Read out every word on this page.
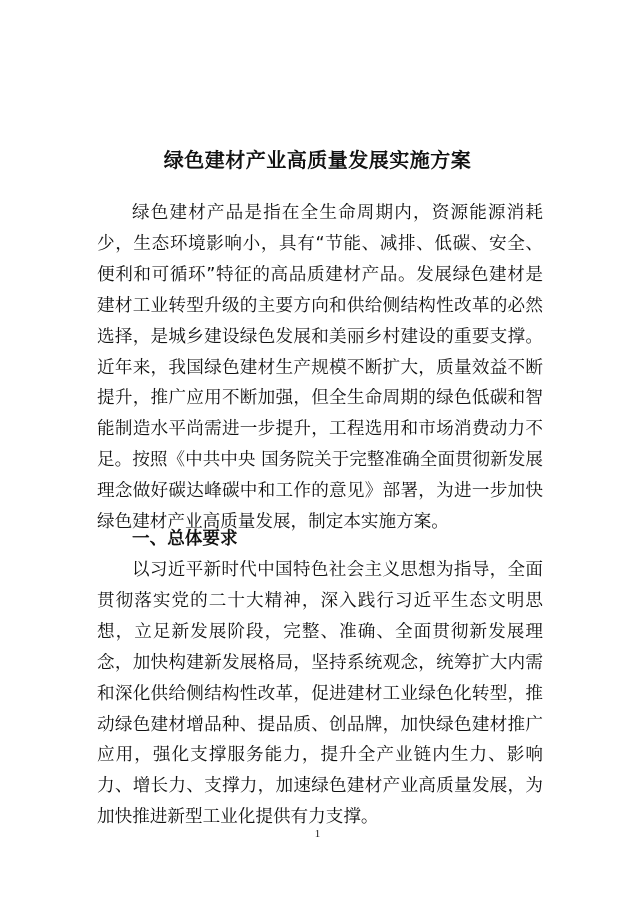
绿色建材产业高质量发展实施方案

绿色建材产品是指在全生命周期内，资源能源消耗少，生态环境影响小，具有“节能、减排、低碳、安全、便利和可循环”特征的高品质建材产品。发展绿色建材是建材工业转型升级的主要方向和供给侧结构性改革的必然选择，是城乡建设绿色发展和美丽乡村建设的重要支撑。近年来，我国绿色建材生产规模不断扩大，质量效益不断提升，推广应用不断加强，但全生命周期的绿色低碳和智能制造水平尚需进一步提升，工程选用和市场消费动力不足。按照《中共中央 国务院关于完整准确全面贯彻新发展理念做好碳达峰碳中和工作的意见》部署，为进一步加快绿色建材产业高质量发展，制定本实施方案。

一、总体要求

以习近平新时代中国特色社会主义思想为指导，全面贯彻落实党的二十大精神，深入践行习近平生态文明思想，立足新发展阶段，完整、准确、全面贯彻新发展理念，加快构建新发展格局，坚持系统观念，统筹扩大内需和深化供给侧结构性改革，促进建材工业绿色化转型，推动绿色建材增品种、提品质、创品牌，加快绿色建材推广应用，强化支撑服务能力，提升全产业链内生力、影响力、增长力、支撑力，加速绿色建材产业高质量发展，为加快推进新型工业化提供有力支撑。

1
